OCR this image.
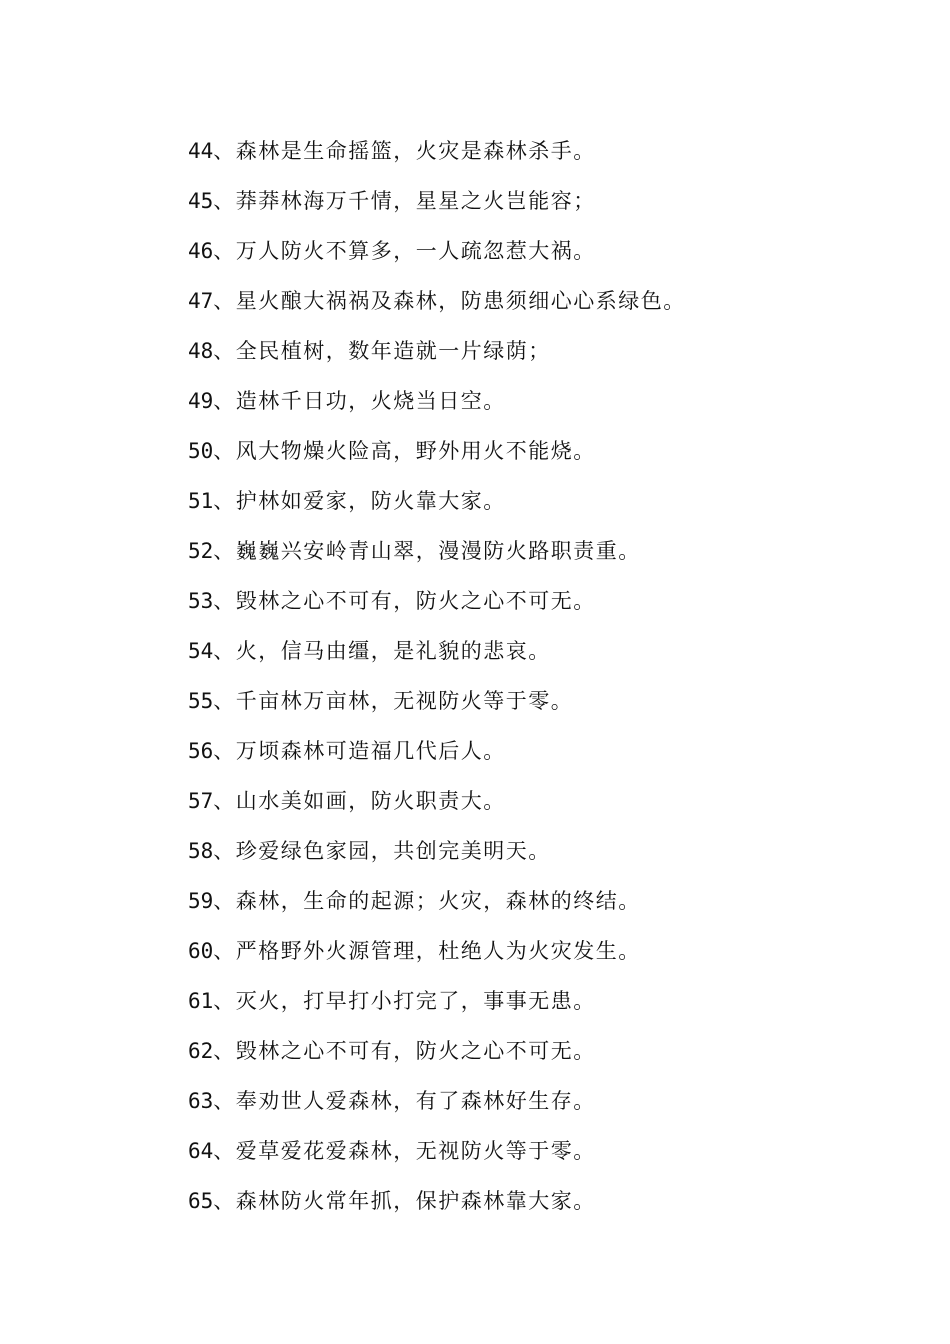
44、森林是生命摇篮，火灾是森林杀手。
45、莽莽林海万千情，星星之火岂能容；
46、万人防火不算多，一人疏忽惹大祸。
47、星火酿大祸祸及森林，防患须细心心系绿色。
48、全民植树，数年造就一片绿荫；
49、造林千日功，火烧当日空。
50、风大物燥火险高，野外用火不能烧。
51、护林如爱家，防火靠大家。
52、巍巍兴安岭青山翠，漫漫防火路职责重。
53、毁林之心不可有，防火之心不可无。
54、火，信马由缰，是礼貌的悲哀。
55、千亩林万亩林，无视防火等于零。
56、万顷森林可造福几代后人。
57、山水美如画，防火职责大。
58、珍爱绿色家园，共创完美明天。
59、森林，生命的起源；火灾，森林的终结。
60、严格野外火源管理，杜绝人为火灾发生。
61、灭火，打早打小打完了，事事无患。
62、毁林之心不可有，防火之心不可无。
63、奉劝世人爱森林，有了森林好生存。
64、爱草爱花爱森林，无视防火等于零。
65、森林防火常年抓，保护森林靠大家。
